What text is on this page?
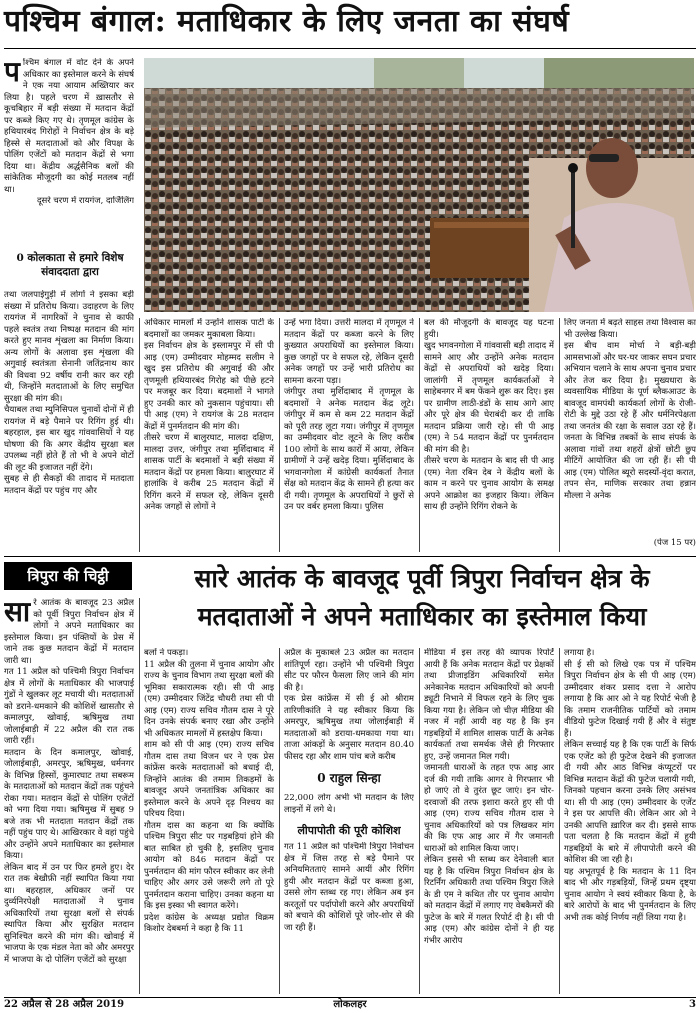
पश्चिम बंगाल: मताधिकार के लिए जनता का संघर्ष

पश्चिम बंगाल में वोट देने के अपने अधिकार का इस्तेमाल करने के संघर्ष ने एक नया आयाम अख्तियार कर लिया है। पहले चरण में ख़ासतौर से कूचबिहार में बड़ी संख्या में मतदान केंद्रों पर कब्जे किए गए थे। तृणमूल कांग्रेस के हथियारबंद गिरोहों ने निर्वाचन क्षेत्र के बड़े हिस्से से मतदाताओं को और विपक्ष के पोलिंग एजेंटों को मतदान केंद्रों से भगा दिया था। केंद्रीय अर्द्धसैनिक बलों की सांकेतिक मौजूदगी का कोई मतलब नहीं था।

दूसरे चरण में रायगंज, दार्जिलिंग

0 कोलकाता से हमारे विशेष संवाददाता द्वारा

तथा जलपाईगुड़ी में लोगों ने इसका बड़ी संख्या में प्रतिरोध किया। उदाहरण के लिए रायगंज में नागरिकों ने चुनाव से काफी पहले स्वतंत्र तथा निष्पक्ष मतदान की मांग करते हुए मानव शृंखला का निर्माण किया। अन्य लोगों के अलावा इस शृंखला की अगुवाई स्वतंत्रता सेनानी जतिंद्रनाथ कार की विधवा 92 वर्षीय रानी कार कर रही थी, जिन्होंने मतदाताओं के लिए समुचित सुरक्षा की मांग की।
चैयाबल तथा म्युनिसिपल चुनावों दोनों में ही रायगंज में बड़े पैमाने पर रिगिंग हुई थी। बहरहाल, इस बार खुद गांववासियों ने यह घोषणा की कि अगर केंद्रीय सुरक्षा बल उपलब्ध नहीं होते हैं तो भी वे अपने वोटों की लूट की इजाजत नहीं देंगे।
सुबह से ही सैकड़ों की तादाद में मतदाता मतदान केंद्रों पर पहुंच गए और

अधिकार मामलों में उन्होंने शासक पार्टी के बदमाशों का जमकर मुकाबला किया।
इस निर्वाचन क्षेत्र के इस्लामपुर में सी पी आइ (एम) उम्मीदवार मोहम्मद सलीम ने खुद इस प्रतिरोध की अगुवाई की और तृणमूली हथियारबंद गिरोह को पीछे हटने पर मजबूर कर दिया। बदमाशों ने भागते हुए उनकी कार को नुकसान पहुंचाया। सी पी आइ (एम) ने रायगंज के 28 मतदान केंद्रों में पुनर्मतदान की मांग की।
तीसरे चरण में बालुरघाट, मालदा दक्षिण, मालदा उत्तर, जंगीपुर तथा मुर्शिदाबाद में शासक पार्टी के बदमाशों ने बड़ी संख्या में मतदान केंद्रों पर हमला किया। बालुरघाट में हालांकि वे करीब 25 मतदान केंद्रों में रिगिंग करने में सफल रहे, लेकिन दूसरी अनेक जगहों से लोगों ने

उन्हें भगा दिया। उत्तरी मालदा में तृणमूल ने मतदान केंद्रों पर कब्जा करने के लिए कुख्यात अपराधियों का इस्तेमाल किया। कुछ जगहों पर वे सफल रहे, लेकिन दूसरी अनेक जगहों पर उन्हें भारी प्रतिरोध का सामना करना पड़ा।
जंगीपुर तथा मुर्शिदाबाद में तृणमूल के बदमाशों ने अनेक मतदान केंद्र लूटे। जंगीपुर में कम से कम 22 मतदान केंद्रों को पूरी तरह लूटा गया। जंगीपुर में तृणमूल का उम्मीदवार वोट लूटने के लिए करीब 100 लोगों के साथ कारों में आया, लेकिन ग्रामीणों ने उन्हें खदेड़ दिया। मुर्शिदाबाद के भगवानगोला में कांग्रेसी कार्यकर्ता तैनात सेंक्ष को मतदान केंद्र के सामने ही हत्या कर दी गयी। तृणमूल के अपराधियों ने छुरों से उन पर वर्बर हमला किया। पुलिस

बल की मौजूदगी के बावजूद यह घटना हुयी।
खुद भगवनगोला में गांववासी बड़ी तादाद में सामने आए और उन्होंने अनेक मतदान केंद्रों से अपराधियों को खदेड़ दिया। जालांगी में तृणमूल कार्यकर्ताओं ने साहेबनगर में बम फेंकने शुरू कर दिए। इस पर ग्रामीण लाठी-डंडों के साथ आगे आए और पूरे क्षेत्र की घेराबंदी कर दी ताकि मतदान प्रक्रिया जारी रहे। सी पी आइ (एम) ने 54 मतदान केंद्रों पर पुनर्मतदान की मांग की है।
तीसरे चरण के मतदान के बाद सी पी आइ (एम) नेता रबिन देब ने केंद्रीय बलों के काम न करने पर चुनाव आयोग के समक्ष अपने आक्रोश का इजहार किया। लेकिन साथ ही उन्होंने रिगिंग रोकने के

लिए जनता में बढ़ते साहस तथा विश्वास का भी उल्लेख किया।
इस बीच वाम मोर्चा ने बड़ी-बड़ी आमसभाओं और घर-घर जाकर सघन प्रचार अभियान चलाने के साथ अपना चुनाव प्रचार और तेज कर दिया है। मुख्यधारा के व्यवसायिक मीडिया के पूर्ण ब्लैकआउट के बावजूद वामपंथी कार्यकर्ता लोगों के रोजी-रोटी के मुद्दे उठा रहे हैं और धर्मनिरपेक्षता तथा जनतंत्र की रक्षा के सवाल उठा रहे हैं। जनता के विभिन्न तबकों के साथ संपर्क के अलावा गांवों तथा शहरों क्षेत्रों छोटी छुप मीटिंगें आयोजित की जा रही हैं। सी पी आइ (एम) पोलित ब्यूरो सदस्यों-वृंदा करात, तपन सेन, माणिक सरकार तथा हन्नान मौल्ला ने अनेक

(पेज 15 पर)

त्रिपुरा की चिट्ठी	सारे आतंक के बावजूद पूर्वी त्रिपुरा निर्वाचन क्षेत्र के मतदाताओं ने अपने मताधिकार का इस्तेमाल किया

सारे आतंक के बावजूद 23 अप्रैल को पूर्वी त्रिपुरा निर्वाचन क्षेत्र में लोगों ने अपने मताधिकार का इस्तेमाल किया। इन पंक्तियों के प्रेस में जाने तक कुछ मतदान केंद्रों में मतदान जारी था।
गत 11 अप्रैल को पश्चिमी त्रिपुरा निर्वाचन क्षेत्र में लोगों के मताधिकार की भाजपाई गुंडों ने खुलकर लूट मचायी थी। मतदाताओं को डराने-धमकाने की कोशिशें खासतौर से कमालपुर, खोवाई, ऋषिमुख तथा जोलाईबाड़ी में 22 अप्रैल की रात तक जारी रहीं।
मतदान के दिन कमालपुर, खोवाई, जोलाईबाड़ी, अमरपुर, ऋषिमुख, धर्मनगर के विभिन्न हिस्सों, कुमारघाट तथा सबरूम के मतदाताओं को मतदान केंद्रों तक पहुंचने रोका गया। मतदान केंद्रों से पोलिंग एजेंटों को भगा दिया गया। ऋषिमुख में सुबह 9 बजे तक भी मतदाता मतदान केंद्रों तक नहीं पहुंच पाए थे। आखिरकार वे वहां पहुंचे और उन्होंने अपने मताधिकार का इस्तेमाल किया।
लेकिन बाद में उन पर फिर हमले हुए। देर रात तक बेखौफ़ी नहीं स्थापित किया गया था। बहरहाल, अधिकार जनों पर दुर्व्यनिरपेक्षी मतदाताओं ने चुनाव अधिकारियों तथा सुरक्षा बलों से संपर्क स्थापित किया और सुरक्षित मतदान सुनिश्चित करने की मांग की। खोवाई में भाजपा के एक मंडल नेता को और अमरपुर में भाजपा के दो पोलिंग एजेंटों को सुरक्षा

बलों ने पकड़ा।
11 अप्रैल की तुलना में चुनाव आयोग और राज्य के चुनाव विभाग तथा सुरक्षा बलों की भूमिका सकारात्मक रही। सी पी आइ (एम) उम्मीदवार जिंटेंद्र चौधरी तथा सी पी आइ (एम) राज्य सचिव गौतम दास ने पूरे दिन उनके संपर्क बनाए रखा और उन्होंने भी अधिकतर मामलों में हस्तक्षेप किया।
शाम को सी पी आइ (एम) राज्य सचिव गौतम दास तथा विजन धर ने एक प्रेस कांफ्रेंस करके मतदाताओं को बधाई दी, जिन्होंने आतंक की तमाम तिकड़मों के बावजूद अपने जनतांत्रिक अधिकार का इस्तेमाल करने के अपने दृढ़ निश्चय का परिचय दिया।
गौतम दास का कहना था कि क्योंकि पश्चिम त्रिपुरा सीट पर गड़बड़ियां होने की बात साबित हो चुकी है, इसलिए चुनाव आयोग को 846 मतदान केंद्रों पर पुनर्मतदान की मांग फौरन स्वीकार कर लेनी चाहिए और अगर उसे जरूरी लगे तो पूरे पुनर्मतदान कराना चाहिए। उनका कहना था कि इस इस्का भी स्वागत करेंगे।
प्रदेश कांग्रेस के अध्यक्ष प्रद्योत विक्रम किशोर देबबर्मा ने कहा है कि 11

अप्रैल के मुकाबले 23 अप्रैल का मतदान शांतिपूर्ण रहा। उन्होंने भी पश्चिमी त्रिपुरा सीट पर फौरन फैसला लिए जाने की मांग की है।
एक प्रेस कांफ्रेंस में सी ई ओ श्रीराम तारिणीकांति ने यह स्वीकार किया कि अमरपुर, ऋषिमुख तथा जोलाईबाड़ी में मतदाताओं को डराया-धमकाया गया था। ताजा आंकड़ों के अनुसार मतदान 80.40 फीसद रहा और शाम पांच बजे करीब

0 राहुल सिन्हा

22,000 लोग अभी भी मतदान के लिए लाइनों में लगे थे।

लीपापोती की पूरी कोशिश

गत 11 अप्रैल को पश्चिमी त्रिपुरा निर्वाचन क्षेत्र में जिस तरह से बड़े पैमाने पर अनियमितताएं सामने आयीं और रिगिंग हुयी और मतदान केंद्रों पर कब्जा हुआ, उससे लोग स्तब्ध रह गए। लेकिन अब इन करतूतों पर पर्दापोशी करने और अपराधियों को बचाने की कोशिशें पूरे जोर-शोर से की जा रही हैं।

मीडिया में इस तरह की व्यापक रिपोर्टें आयी हैं कि अनेक मतदान केंद्रों पर प्रेक्षकों तथा प्रीजाइडिंग अधिकारियों समेत अनेकानेक मतदान अधिकारियों को अपनी ड्यूटी निभाने में विफल रहने के लिए चुक किया गया है। लेकिन जो चीज़ मीडिया की नजर में नहीं आयी वह यह है कि इन गड़बड़ियों में शामिल शासक पार्टी के अनेक कार्यकर्ता तथा समर्थक जैसे ही गिरफ्तार हुए, उन्हें जमानत मिल गयी।
जमानती धाराओं के तहत एफ आइ आर दर्ज की गयी ताकि आगर वे गिरफ्तार भी हो जाएं तो वे तुरंत छूट जाएं। इन चोर-दरवाजों की तरफ इशारा करते हुए सी पी आइ (एम) राज्य सचिव गौतम दास ने चुनाव अधिकारियों को पत्र लिखकर मांग की कि एफ आइ आर में गैर जमानती धाराओं को शामिल किया जाए।
लेकिन इससे भी स्तब्ध कर देनेवाली बात यह है कि पश्चिम त्रिपुरा निर्वाचन क्षेत्र के रिटर्निंग अधिकारी तथा पश्चिम त्रिपुरा जिले के डी एम ने कथित तौर पर चुनाव आयोग को मतदान केंद्रों में लगाए गए वेबकैमरों की फुटेज के बारे में गलत रिपोर्ट दी है। सी पी आइ (एम) और कांग्रेस दोनों ने ही यह गंभीर आरोप

लगाया है।
सी ई सी को लिखे एक पत्र में पश्चिम त्रिपुरा निर्वाचन क्षेत्र के सी पी आइ (एम) उम्मीदवार शंकर प्रसाद दत्ता ने आरोप लगाया है कि आर ओ ने यह रिपोर्ट भेजी है कि तमाम राजनीतिक पार्टियों को तमाम वीडियो फुटेज दिखाई गयी हैं और वे संतुष्ट हैं।
लेकिन सच्चाई यह है कि एक पार्टी के सिर्फ एक एजेंट को ही फुटेज देखने की इजाजत दी गयी और आठ विभिन्न कंप्यूटरों पर विभिन्न मतदान केंद्रों की फुटेज चलायी गयी, जिनको पहचान करना उनके लिए असंभव था। सी पी आइ (एम) उम्मीदवार के एजेंट ने इस पर आपत्ति की। लेकिन आर ओ ने उनकी आपत्ति ख़ारिज कर दी। इससे साफ पता चलता है कि मतदान केंद्रों में हुयी गड़बड़ियों के बारे में लीपापोती करने की कोशिश की जा रही है।
यह अभूतपूर्व है कि मतदान के 11 दिन बाद भी और गड़बड़ियों, जिन्हें प्रथम दृष्ट्या चुनाव आयोग ने स्वयं स्वीकार किया है, के बारे आरोपों के बाद भी पुनर्मतदान के लिए अभी तक कोई निर्णय नहीं लिया गया है।

22 अप्रैल से 28 अप्रैल 2019	लोकलहर	3
